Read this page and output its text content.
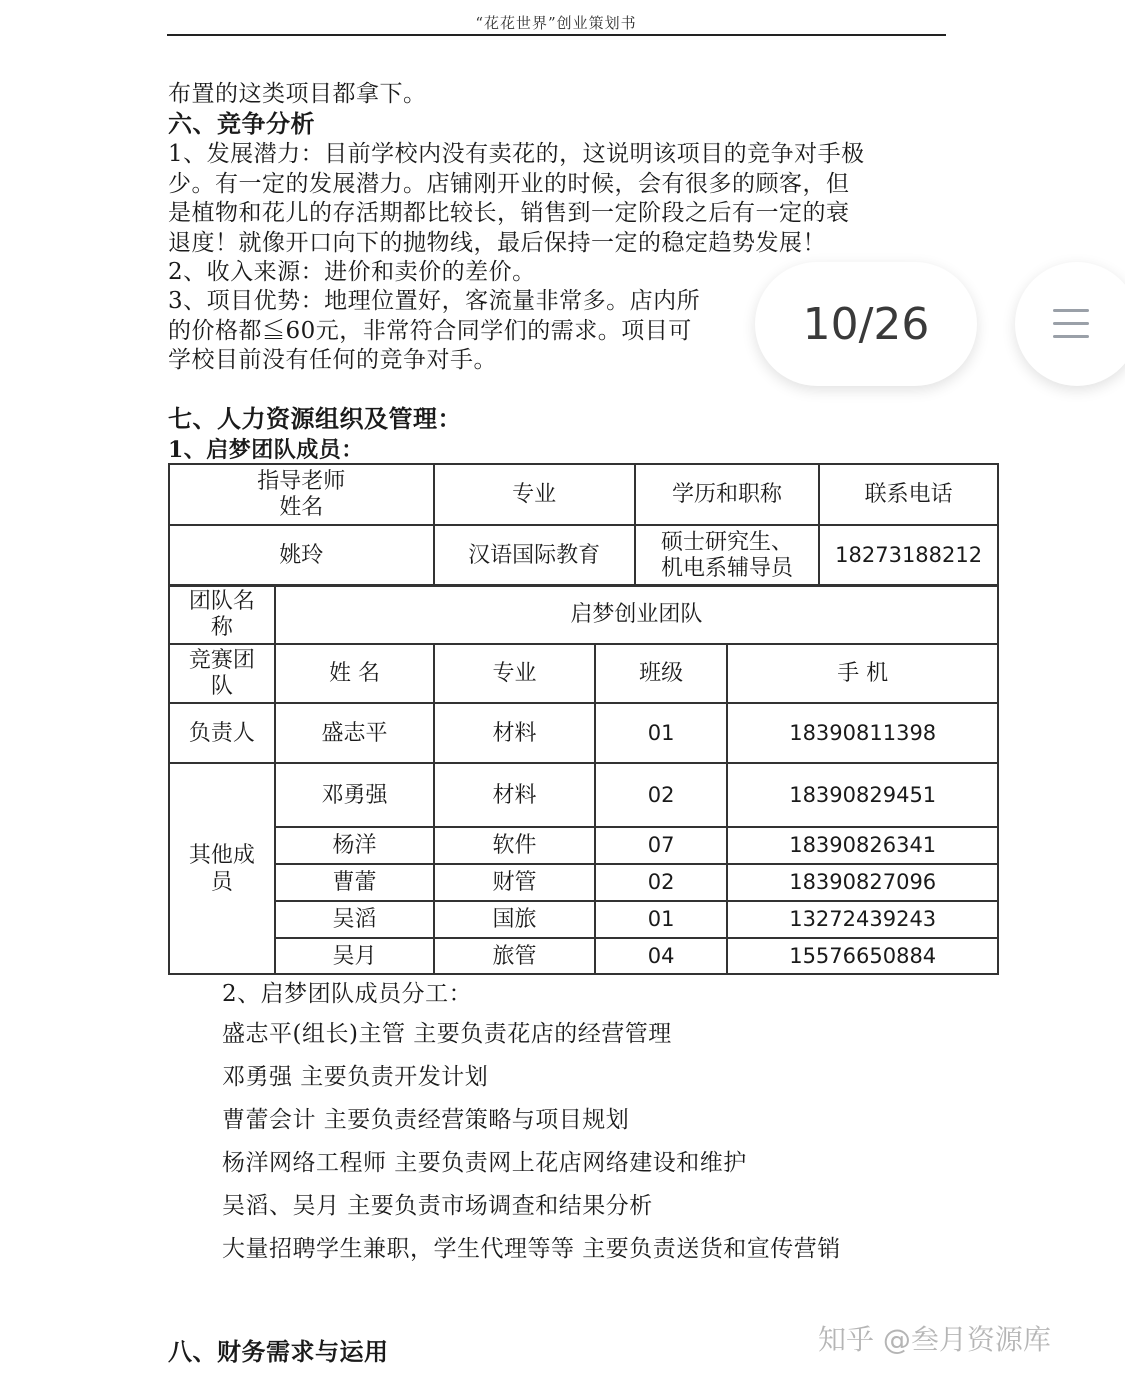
“花花世界”创业策划书
布置的这类项目都拿下。
六、竞争分析
1、发展潜力：目前学校内没有卖花的，这说明该项目的竞争对手极
少。有一定的发展潜力。店铺刚开业的时候，会有很多的顾客，但
是植物和花儿的存活期都比较长，销售到一定阶段之后有一定的衰
退度！就像开口向下的抛物线，最后保持一定的稳定趋势发展！
2、收入来源：进价和卖价的差价。
3、项目优势：地理位置好，客流量非常多。店内所
的价格都≦60元，非常符合同学们的需求。项目可
学校目前没有任何的竞争对手。
七、人力资源组织及管理：
1、启梦团队成员：
指导老师
姓名	专业	学历和职称	联系电话
姚玲	汉语国际教育	硕士研究生、
机电系辅导员	18273188212
团队名
称	启梦创业团队			

竞赛团
队	姓 名	专业	班级	手 机
负责人	盛志平	材料	01	18390811398

其他成
员	邓勇强	材料	02	18390829451
	杨洋	软件	07	18390826341
	曹蕾	财管	02	18390827096
	吴滔	国旅	01	13272439243
	吴月	旅管	04	15576650884
2、启梦团队成员分工：
盛志平(组长)主管 主要负责花店的经营管理
邓勇强 主要负责开发计划
曹蕾会计 主要负责经营策略与项目规划
杨洋网络工程师 主要负责网上花店网络建设和维护
吴滔、吴月 主要负责市场调查和结果分析
大量招聘学生兼职，学生代理等等 主要负责送货和宣传营销
八、财务需求与运用
10/26
知乎 @叁月资源库
